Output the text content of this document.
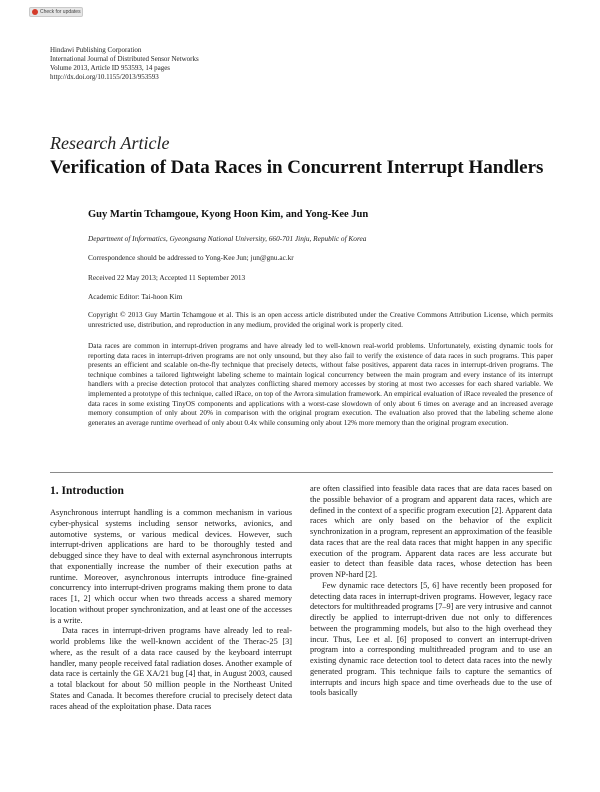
Check for updates
Hindawi Publishing Corporation
International Journal of Distributed Sensor Networks
Volume 2013, Article ID 953593, 14 pages
http://dx.doi.org/10.1155/2013/953593
Research Article
Verification of Data Races in Concurrent Interrupt Handlers
Guy Martin Tchamgoue, Kyong Hoon Kim, and Yong-Kee Jun
Department of Informatics, Gyeongsang National University, 660-701 Jinju, Republic of Korea
Correspondence should be addressed to Yong-Kee Jun; jun@gnu.ac.kr
Received 22 May 2013; Accepted 11 September 2013
Academic Editor: Tai-hoon Kim
Copyright © 2013 Guy Martin Tchamgoue et al. This is an open access article distributed under the Creative Commons Attribution License, which permits unrestricted use, distribution, and reproduction in any medium, provided the original work is properly cited.
Data races are common in interrupt-driven programs and have already led to well-known real-world problems. Unfortunately, existing dynamic tools for reporting data races in interrupt-driven programs are not only unsound, but they also fail to verify the existence of data races in such programs. This paper presents an efficient and scalable on-the-fly technique that precisely detects, without false positives, apparent data races in interrupt-driven programs. The technique combines a tailored lightweight labeling scheme to maintain logical concurrency between the main program and every instance of its interrupt handlers with a precise detection protocol that analyzes conflicting shared memory accesses by storing at most two accesses for each shared variable. We implemented a prototype of this technique, called iRace, on top of the Avrora simulation framework. An empirical evaluation of iRace revealed the presence of data races in some existing TinyOS components and applications with a worst-case slowdown of only about 6 times on average and an increased average memory consumption of only about 20% in comparison with the original program execution. The evaluation also proved that the labeling scheme alone generates an average runtime overhead of only about 0.4x while consuming only about 12% more memory than the original program execution.
1. Introduction

Asynchronous interrupt handling is a common mechanism in various cyber-physical systems including sensor networks, avionics, and automotive systems, or various medical devices. However, such interrupt-driven applications are hard to be thoroughly tested and debugged since they have to deal with external asynchronous interrupts that exponentially increase the number of their execution paths at runtime. Moreover, asynchronous interrupts introduce fine-grained concurrency into interrupt-driven programs making them prone to data races [1, 2] which occur when two threads access a shared memory location without proper synchronization, and at least one of the accesses is a write.

Data races in interrupt-driven programs have already led to real-world problems like the well-known accident of the Therac-25 [3] where, as the result of a data race caused by the keyboard interrupt handler, many people received fatal radiation doses. Another example of data race is certainly the GE XA/21 bug [4] that, in August 2003, caused a total blackout for about 50 million people in the Northeast United States and Canada. It becomes therefore crucial to precisely detect data races ahead of the exploitation phase. Data races

are often classified into feasible data races that are data races based on the possible behavior of a program and apparent data races, which are defined in the context of a specific program execution [2]. Apparent data races which are only based on the behavior of the explicit synchronization in a program, represent an approximation of the feasible data races that are the real data races that might happen in any specific execution of the program. Apparent data races are less accurate but easier to detect than feasible data races, whose detection has been proven NP-hard [2].

Few dynamic race detectors [5, 6] have recently been proposed for detecting data races in interrupt-driven programs. However, legacy race detectors for multithreaded programs [7–9] are very intrusive and cannot directly be applied to interrupt-driven due not only to differences between the programming models, but also to the high overhead they incur. Thus, Lee et al. [6] proposed to convert an interrupt-driven program into a corresponding multithreaded program and to use an existing dynamic race detection tool to detect data races into the newly generated program. This technique fails to capture the semantics of interrupts and incurs high space and time overheads due to the use of tools basically
